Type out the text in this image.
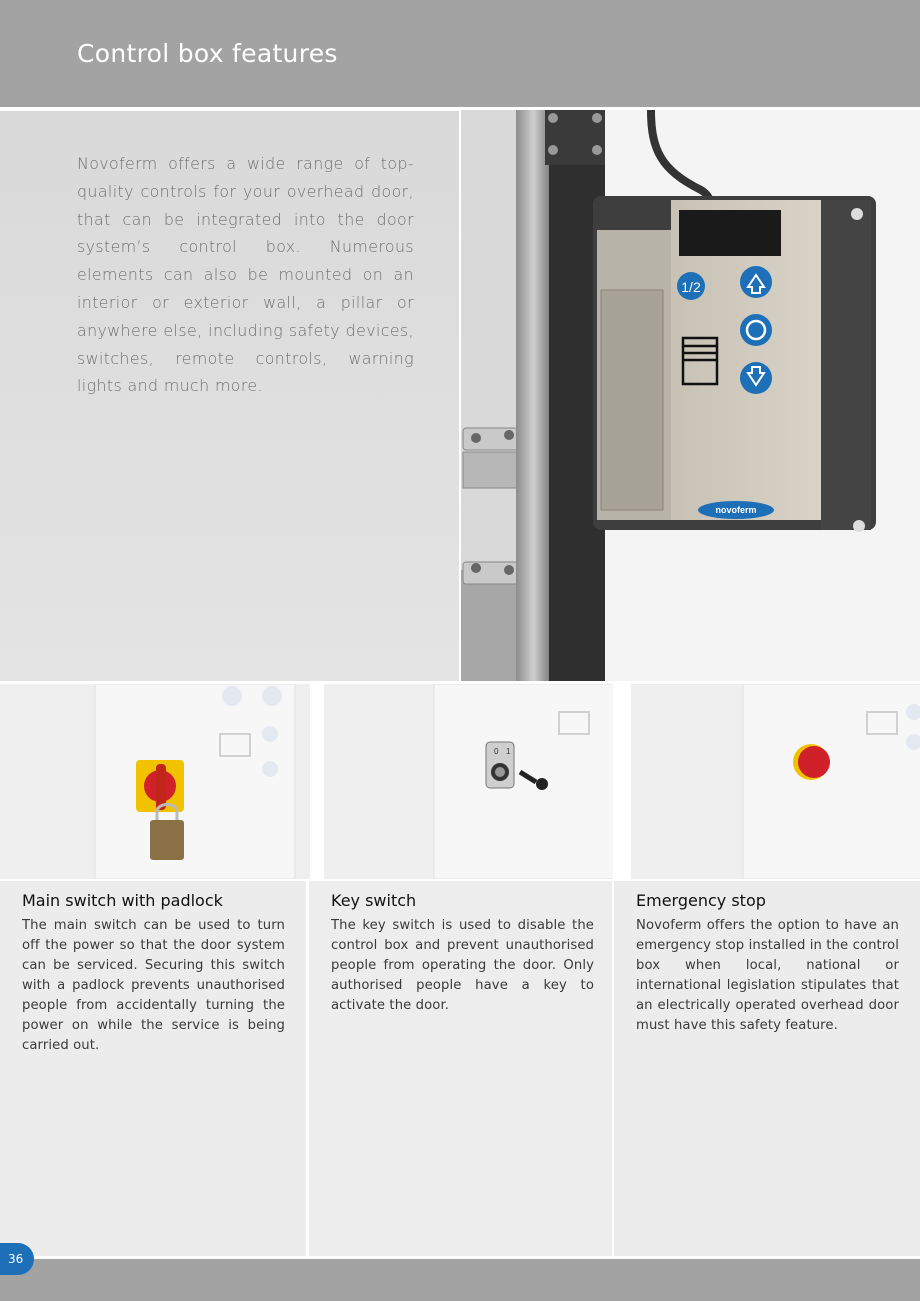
Control box features

Novoferm offers a wide range of top-quality controls for your overhead door, that can be integrated into the door system’s control box. Numerous elements can also be mounted on an interior or exterior wall, a pillar or anywhere else, including safety devices, switches, remote controls, warning lights and much more.

1/2
novoferm
0 1
Main switch with padlock

The main switch can be used to turn off the power so that the door system can be serviced. Securing this switch with a padlock prevents unauthorised people from accidentally turning the power on while the service is being carried out.

Key switch

The key switch is used to disable the control box and prevent unauthorised people from operating the door. Only authorised people have a key to activate the door.

Emergency stop

Novoferm offers the option to have an emergency stop installed in the control box when local, national or international legislation stipulates that an electrically operated overhead door must have this safety feature.

36
